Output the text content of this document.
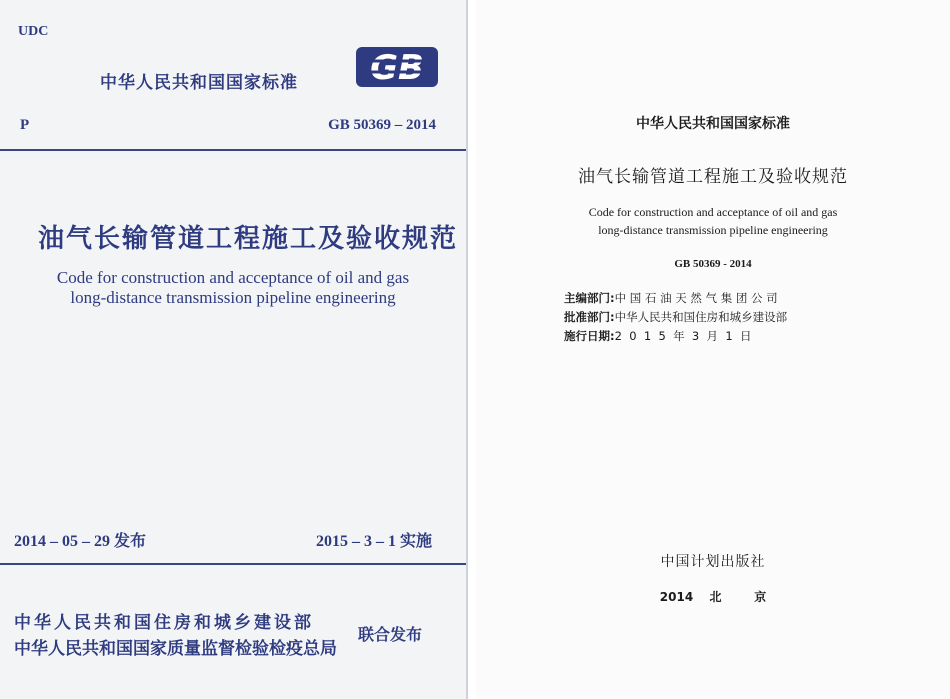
UDC

中华人民共和国国家标准 GB

P	GB 50369 – 2014

油气长输管道工程施工及验收规范

Code for construction and acceptance of oil and gas

long-distance transmission pipeline engineering

2014 – 05 – 29 发布	2015 – 3 – 1 实施

中华人民共和国住房和城乡建设部

中华人民共和国国家质量监督检验检疫总局

联合发布

中华人民共和国国家标准

油气长输管道工程施工及验收规范

Code for construction and acceptance of oil and gas

long-distance transmission pipeline engineering

GB 50369 - 2014

主编部门:中 国 石 油 天 然 气 集 团 公 司

批准部门:中华人民共和国住房和城乡建设部

施行日期:2  0  1  5  年  3  月  1  日

中国计划出版社

2014  北    京
